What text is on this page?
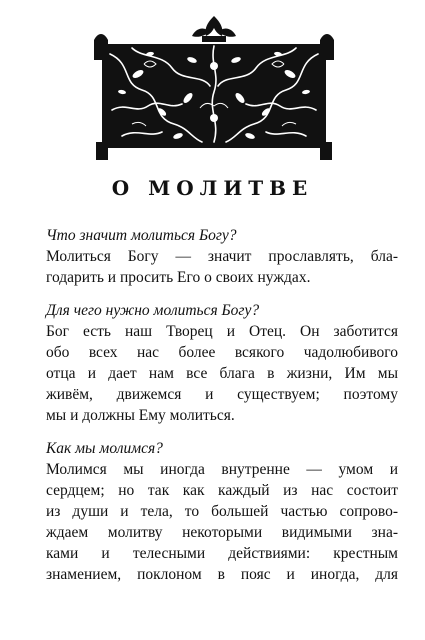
О МОЛИТВЕ

Что значит молиться Богу?

Молиться Богу — значит прославлять, бла-
годарить и просить Его о своих нуждах.

Для чего нужно молиться Богу?

Бог есть наш Творец и Отец. Он заботится
обо всех нас более всякого чадолюбивого
отца и дает нам все блага в жизни, Им мы
живём, движемся и существуем; поэтому
мы и должны Ему молиться.

Как мы молимся?

Молимся мы иногда внутренне — умом и
сердцем; но так как каждый из нас состоит
из души и тела, то большей частью сопрово-
ждаем молитву некоторыми видимыми зна-
ками и телесными действиями: крестным
знамением, поклоном в пояс и иногда, для
